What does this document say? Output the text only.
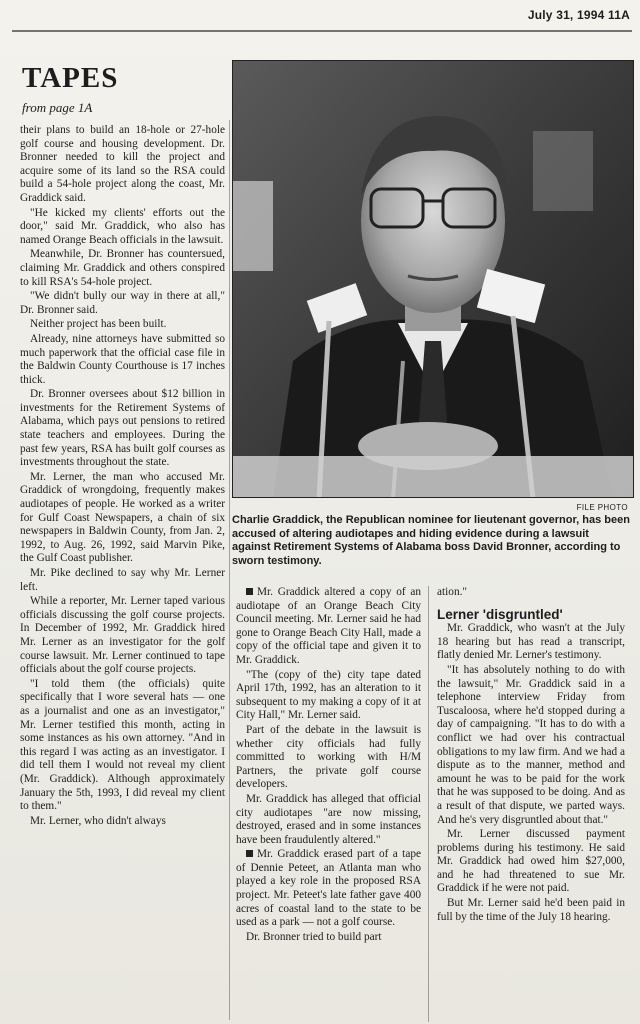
July 31, 1994 11A
TAPES
from page 1A

their plans to build an 18-hole or 27-hole golf course and housing development. Dr. Bronner needed to kill the project and acquire some of its land so the RSA could build a 54-hole project along the coast, Mr. Graddick said.

"He kicked my clients' efforts out the door," said Mr. Graddick, who also has named Orange Beach officials in the lawsuit.

Meanwhile, Dr. Bronner has countersued, claiming Mr. Graddick and others conspired to kill RSA's 54-hole project.

"We didn't bully our way in there at all," Dr. Bronner said.

Neither project has been built.

Already, nine attorneys have submitted so much paperwork that the official case file in the Baldwin County Courthouse is 17 inches thick.

Dr. Bronner oversees about $12 billion in investments for the Retirement Systems of Alabama, which pays out pensions to retired state teachers and employees. During the past few years, RSA has built golf courses as investments throughout the state.

Mr. Lerner, the man who accused Mr. Graddick of wrongdoing, frequently makes audiotapes of people. He worked as a writer for Gulf Coast Newspapers, a chain of six newspapers in Baldwin County, from Jan. 2, 1992, to Aug. 26, 1992, said Marvin Pike, the Gulf Coast publisher.

Mr. Pike declined to say why Mr. Lerner left.

While a reporter, Mr. Lerner taped various officials discussing the golf course projects. In December of 1992, Mr. Graddick hired Mr. Lerner as an investigator for the golf course lawsuit. Mr. Lerner continued to tape officials about the golf course projects.

"I told them (the officials) quite specifically that I wore several hats — one as a journalist and one as an investigator," Mr. Lerner testified this month, acting in some instances as his own attorney. "And in this regard I was acting as an investigator. I did tell them I would not reveal my client (Mr. Graddick). Although approximately January the 5th, 1993, I did reveal my client to them."

Mr. Lerner, who didn't always

FILE PHOTO
Charlie Graddick, the Republican nominee for lieutenant governor, has been accused of altering audiotapes and hiding evidence during a lawsuit against Retirement Systems of Alabama boss David Bronner, according to sworn testimony.

Mr. Graddick altered a copy of an audiotape of an Orange Beach City Council meeting. Mr. Lerner said he had gone to Orange Beach City Hall, made a copy of the official tape and given it to Mr. Graddick.

"The (copy of the) city tape dated April 17th, 1992, has an alteration to it subsequent to my making a copy of it at City Hall," Mr. Lerner said.

Part of the debate in the lawsuit is whether city officials had fully committed to working with H/M Partners, the private golf course developers.

Mr. Graddick has alleged that official city audiotapes "are now missing, destroyed, erased and in some instances have been fraudulently altered."

Mr. Graddick erased part of a tape of Dennie Peteet, an Atlanta man who played a key role in the proposed RSA project. Mr. Peteet's late father gave 400 acres of coastal land to the state to be used as a park — not a golf course.

Dr. Bronner tried to build part

ation."

Lerner 'disgruntled'

Mr. Graddick, who wasn't at the July 18 hearing but has read a transcript, flatly denied Mr. Lerner's testimony.

"It has absolutely nothing to do with the lawsuit," Mr. Graddick said in a telephone interview Friday from Tuscaloosa, where he'd stopped during a day of campaigning. "It has to do with a conflict we had over his contractual obligations to my law firm. And we had a dispute as to the manner, method and amount he was to be paid for the work that he was supposed to be doing. And as a result of that dispute, we parted ways. And he's very disgruntled about that."

Mr. Lerner discussed payment problems during his testimony. He said Mr. Graddick had owed him $27,000, and he had threatened to sue Mr. Graddick if he were not paid.

But Mr. Lerner said he'd been paid in full by the time of the July 18 hearing.
